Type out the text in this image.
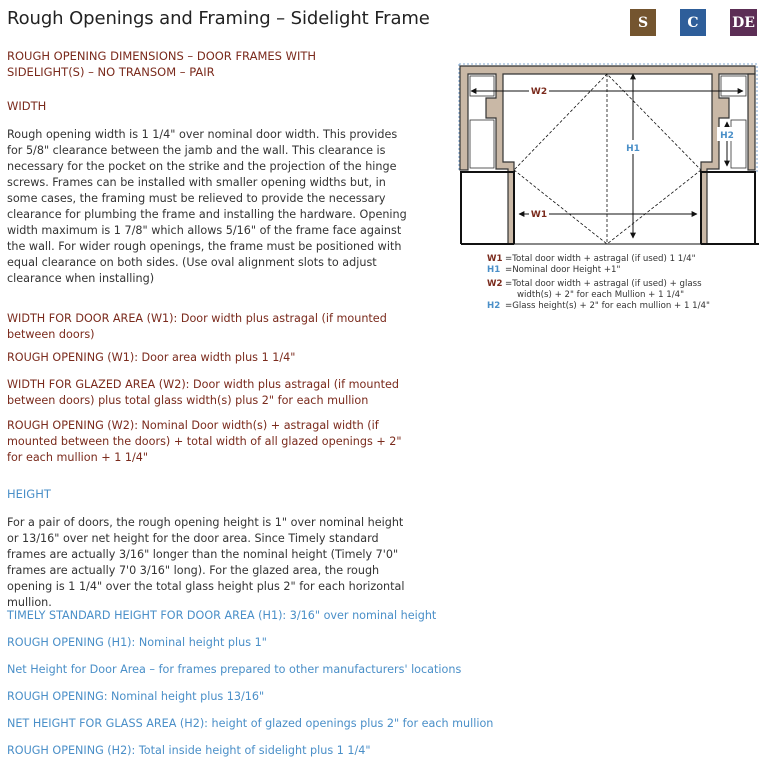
Rough Openings and Framing – Sidelight Frame	S	C	DE
ROUGH OPENING DIMENSIONS – DOOR FRAMES WITH SIDELIGHT(S) – NO TRANSOM – PAIR
WIDTH
Rough opening width is 1 1/4" over nominal door width. This provides for 5/8" clearance between the jamb and the wall. This clearance is necessary for the pocket on the strike and the projection of the hinge screws. Frames can be installed with smaller opening widths but, in some cases, the framing must be relieved to provide the necessary clearance for plumbing the frame and installing the hardware. Opening width maximum is 1 7/8" which allows 5/16" of the frame face against the wall. For wider rough openings, the frame must be positioned with equal clearance on both sides. (Use oval alignment slots to adjust clearance when installing)
WIDTH FOR DOOR AREA (W1): Door width plus astragal (if mounted between doors)
ROUGH OPENING (W1): Door area width plus 1 1/4"
WIDTH FOR GLAZED AREA (W2): Door width plus astragal (if mounted between doors) plus total glass width(s) plus 2" for each mullion
ROUGH OPENING (W2): Nominal Door width(s) + astragal width (if mounted between the doors) + total width of all glazed openings + 2" for each mullion + 1 1/4"
HEIGHT
For a pair of doors, the rough opening height is 1" over nominal height or 13/16" over net height for the door area. Since Timely standard frames are actually 3/16" longer than the nominal height (Timely 7'0" frames are actually 7'0 3/16" long). For the glazed area, the rough opening is 1 1/4" over the total glass height plus 2" for each horizontal mullion.
TIMELY STANDARD HEIGHT FOR DOOR AREA (H1): 3/16" over nominal height
ROUGH OPENING (H1): Nominal height plus 1"
Net Height for Door Area – for frames prepared to other manufacturers' locations
ROUGH OPENING: Nominal height plus 13/16"
NET HEIGHT FOR GLASS AREA (H2): height of glazed openings plus 2" for each mullion
ROUGH OPENING (H2): Total inside height of sidelight plus 1 1/4"
W2
W1
H1
H2
W1 = Total door width + astragal (if used) 1 1/4"
H1 = Nominal door Height +1"
W2 = Total door width + astragal (if used) + glass
width(s) + 2" for each Mullion + 1 1/4"
H2 = Glass height(s) + 2" for each mullion + 1 1/4"
